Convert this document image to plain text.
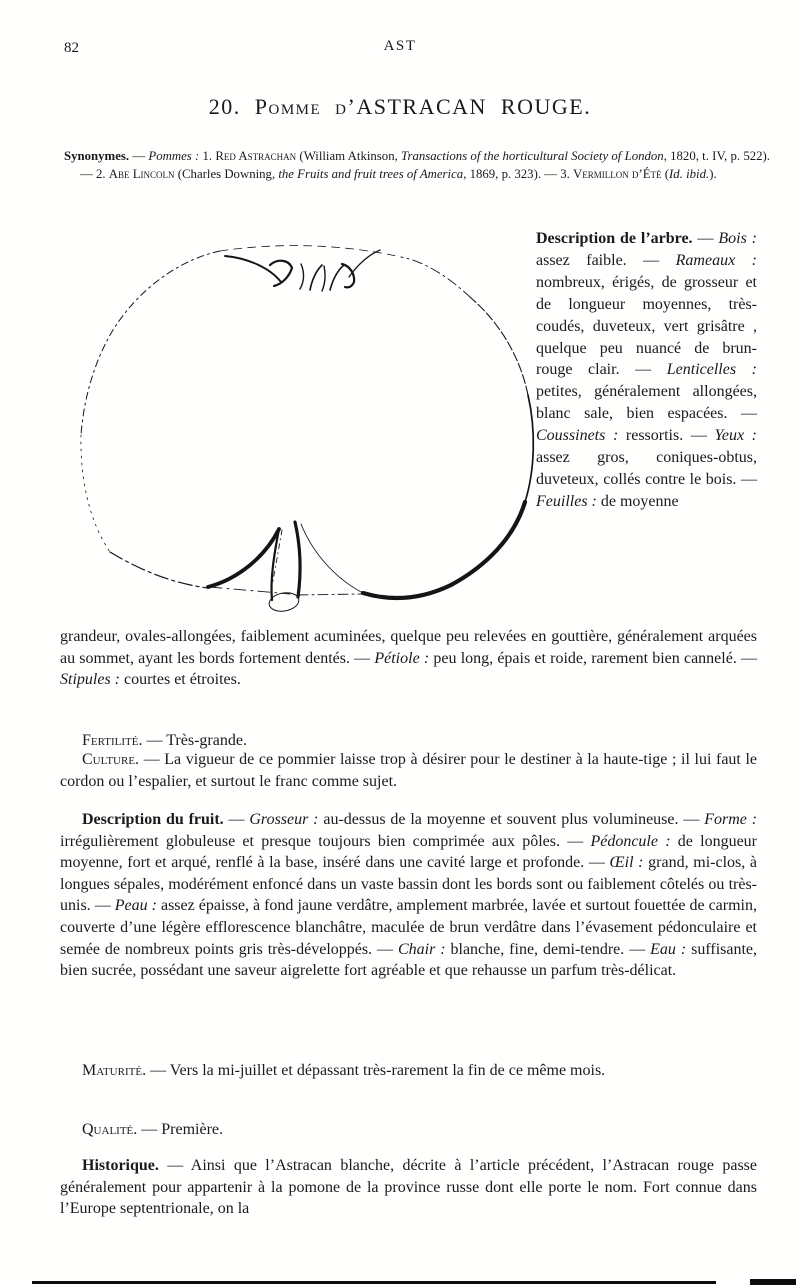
82	AST
20. Pomme d’ASTRACAN ROUGE.

Synonymes. — Pommes : 1. Red Astrachan (William Atkinson, Transactions of the horticultural Society of London, 1820, t. IV, p. 522). — 2. Abe Lincoln (Charles Downing, the Fruits and fruit trees of America, 1869, p. 323). — 3. Vermillon d’Été (Id. ibid.).

Description de l’arbre. — Bois : assez faible. — Rameaux : nombreux, érigés, de grosseur et de longueur moyennes, très-coudés, duveteux, vert grisâtre , quelque peu nuancé de brun-rouge clair. — Lenticelles : petites, généralement allongées, blanc sale, bien espacées. — Coussinets : ressortis. — Yeux : assez gros, coniques-obtus, duveteux, collés contre le bois. — Feuilles : de moyenne

grandeur, ovales-allongées, faiblement acuminées, quelque peu relevées en gouttière, généralement arquées au sommet, ayant les bords fortement dentés. — Pétiole : peu long, épais et roide, rarement bien cannelé. — Stipules : courtes et étroites.

Fertilité. — Très-grande.

Culture. — La vigueur de ce pommier laisse trop à désirer pour le destiner à la haute-tige ; il lui faut le cordon ou l’espalier, et surtout le franc comme sujet.

Description du fruit. — Grosseur : au-dessus de la moyenne et souvent plus volumineuse. — Forme : irrégulièrement globuleuse et presque toujours bien comprimée aux pôles. — Pédoncule : de longueur moyenne, fort et arqué, renflé à la base, inséré dans une cavité large et profonde. — Œil : grand, mi-clos, à longues sépales, modérément enfoncé dans un vaste bassin dont les bords sont ou faiblement côtelés ou très-unis. — Peau : assez épaisse, à fond jaune verdâtre, amplement marbrée, lavée et surtout fouettée de carmin, couverte d’une légère efflorescence blanchâtre, maculée de brun verdâtre dans l’évasement pédonculaire et semée de nombreux points gris très-développés. — Chair : blanche, fine, demi-tendre. — Eau : suffisante, bien sucrée, possédant une saveur aigrelette fort agréable et que rehausse un parfum très-délicat.

Maturité. — Vers la mi-juillet et dépassant très-rarement la fin de ce même mois.

Qualité. — Première.

Historique. — Ainsi que l’Astracan blanche, décrite à l’article précédent, l’Astracan rouge passe généralement pour appartenir à la pomone de la province russe dont elle porte le nom. Fort connue dans l’Europe septentrionale, on la
